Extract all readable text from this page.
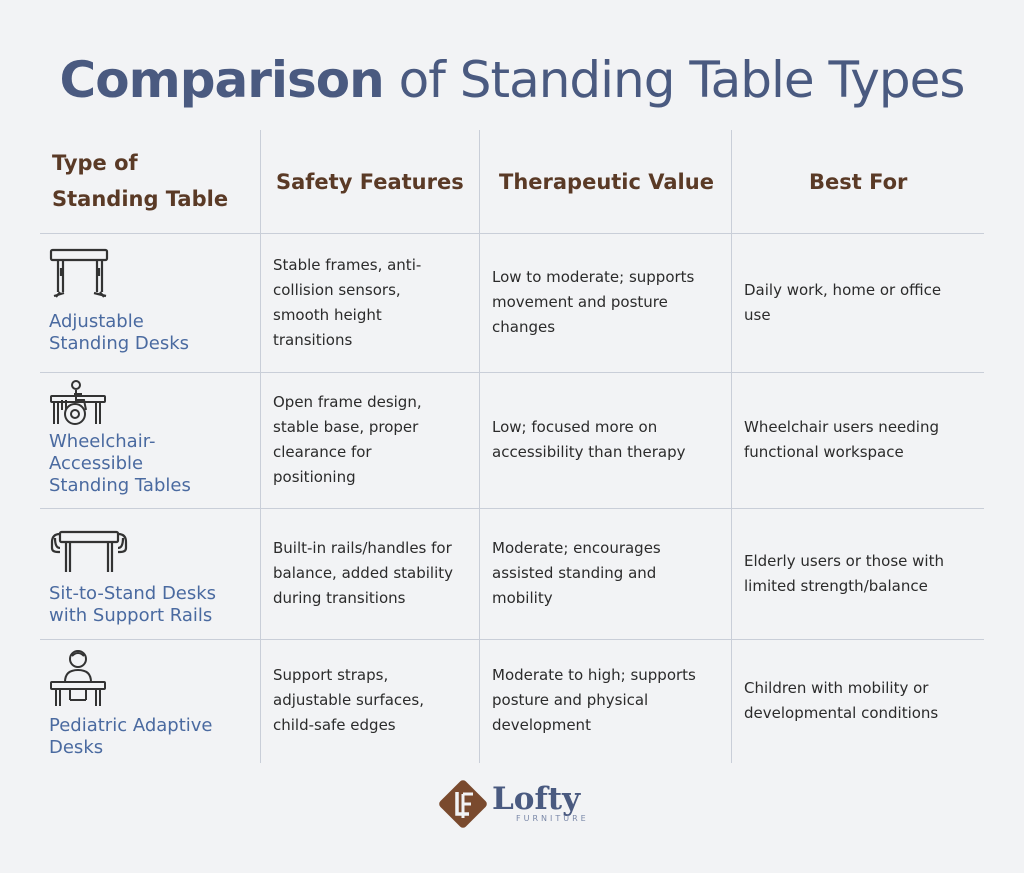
Comparison of Standing Table Types
Type of
Standing Table
Safety Features Therapeutic Value	Best For
Adjustable
Standing Desks
Stable frames, anti-
collision sensors,
smooth height
transitions
Low to moderate; supports
movement and posture
changes
Daily work, home or office
use
Wheelchair-
Accessible
Standing Tables
Open frame design,
stable base, proper
clearance for
positioning
Low; focused more on
accessibility than therapy
Wheelchair users needing
functional workspace
Sit-to-Stand Desks
with Support Rails
Built-in rails/handles for
balance, added stability
during transitions
Moderate; encourages
assisted standing and
mobility
Elderly users or those with
limited strength/balance
Pediatric Adaptive
Desks
Support straps,
adjustable surfaces,
child-safe edges
Moderate to high; supports
posture and physical
development
Children with mobility or
developmental conditions
Lofty
FURNITURE
